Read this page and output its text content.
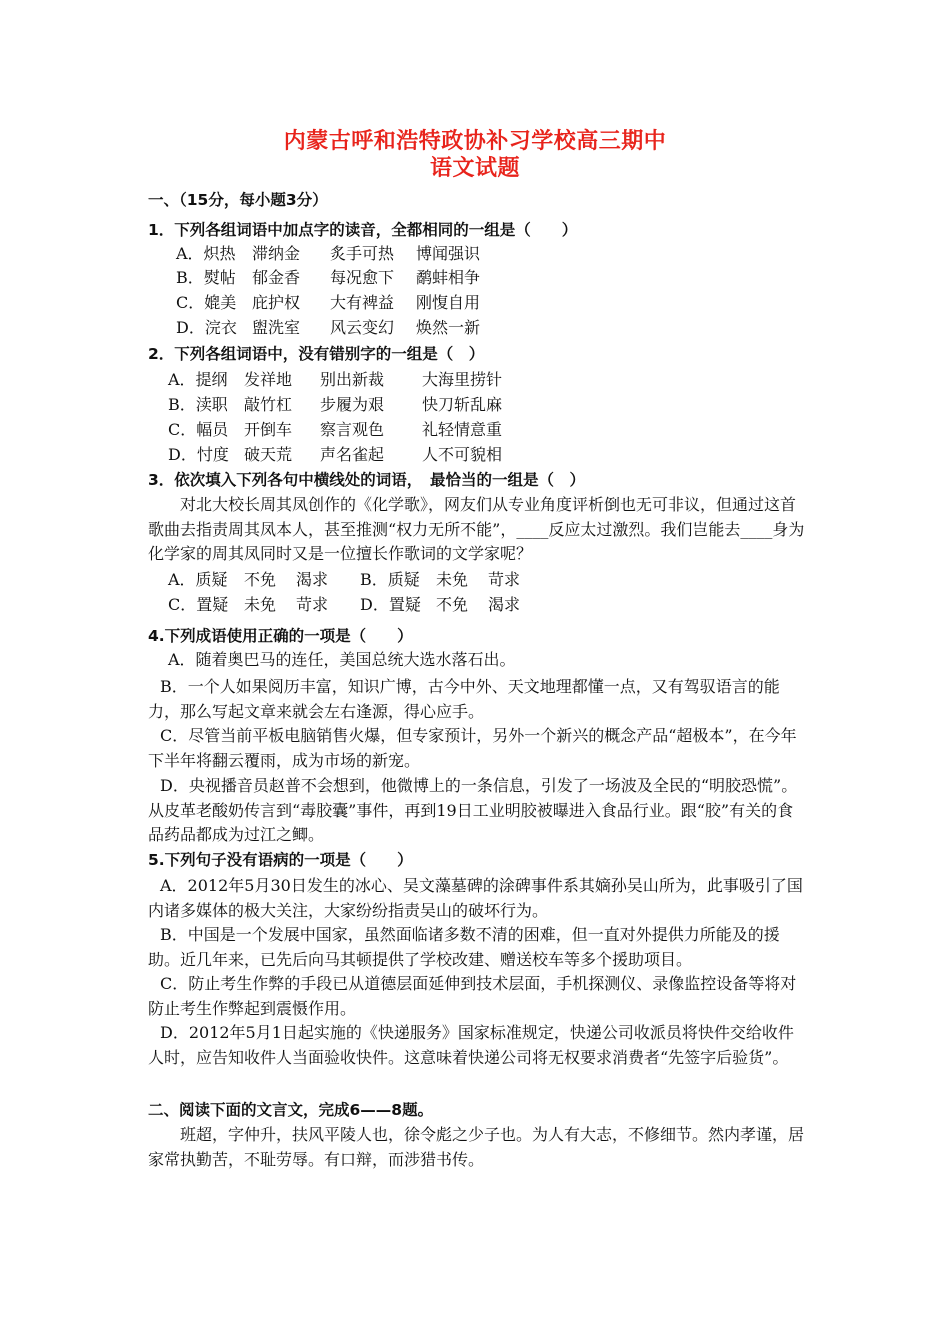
内蒙古呼和浩特政协补习学校高三期中
语文试题
一、（15分，每小题3分）
1．下列各组词语中加点字的读音，全都相同的一组是（　　）
A．炽热 滞纳金 炙手可热 博闻强识
B．熨帖 郁金香 每况愈下 鹬蚌相争
C．媲美 庇护权 大有裨益 刚愎自用
D．浣衣 盥洗室 风云变幻 焕然一新
2．下列各组词语中，没有错别字的一组是（　）
A．提纲 发祥地 别出新裁 大海里捞针
B．渎职 敲竹杠 步履为艰 快刀斩乱麻
C．幅员 开倒车 察言观色 礼轻情意重
D．忖度 破天荒 声名雀起 人不可貌相
3．依次填入下列各句中横线处的词语，　最恰当的一组是（　）
对北大校长周其凤创作的《化学歌》，网友们从专业角度评析倒也无可非议，但通过这首歌曲去指责周其凤本人，甚至推测“权力无所不能”，____反应太过激烈。我们岂能去____身为化学家的周其凤同时又是一位擅长作歌词的文学家呢？
A．质疑 不免 渴求 B．质疑 未免 苛求
C．置疑 未免 苛求 D．置疑 不免 渴求
4.下列成语使用正确的一项是（　　）
A．随着奥巴马的连任，美国总统大选水落石出。
B．一个人如果阅历丰富，知识广博，古今中外、天文地理都懂一点，又有驾驭语言的能力，那么写起文章来就会左右逢源，得心应手。
C．尽管当前平板电脑销售火爆，但专家预计，另外一个新兴的概念产品“超极本”，在今年下半年将翻云覆雨，成为市场的新宠。
D．央视播音员赵普不会想到，他微博上的一条信息，引发了一场波及全民的“明胶恐慌”。从皮革老酸奶传言到“毒胶囊”事件，再到19日工业明胶被曝进入食品行业。跟“胶”有关的食品药品都成为过江之鲫。
5.下列句子没有语病的一项是（　　）
A．2012年5月30日发生的冰心、吴文藻墓碑的涂碑事件系其嫡孙吴山所为，此事吸引了国内诸多媒体的极大关注，大家纷纷指责吴山的破坏行为。
B．中国是一个发展中国家，虽然面临诸多数不清的困难，但一直对外提供力所能及的援助。近几年来，已先后向马其顿提供了学校改建、赠送校车等多个援助项目。
C．防止考生作弊的手段已从道德层面延伸到技术层面，手机探测仪、录像监控设备等将对防止考生作弊起到震慑作用。
D．2012年5月1日起实施的《快递服务》国家标准规定，快递公司收派员将快件交给收件人时，应告知收件人当面验收快件。这意味着快递公司将无权要求消费者“先签字后验货”。
二、阅读下面的文言文，完成6——8题。
班超，字仲升，扶风平陵人也，徐令彪之少子也。为人有大志，不修细节。然内孝谨，居家常执勤苦，不耻劳辱。有口辩，而涉猎书传。
